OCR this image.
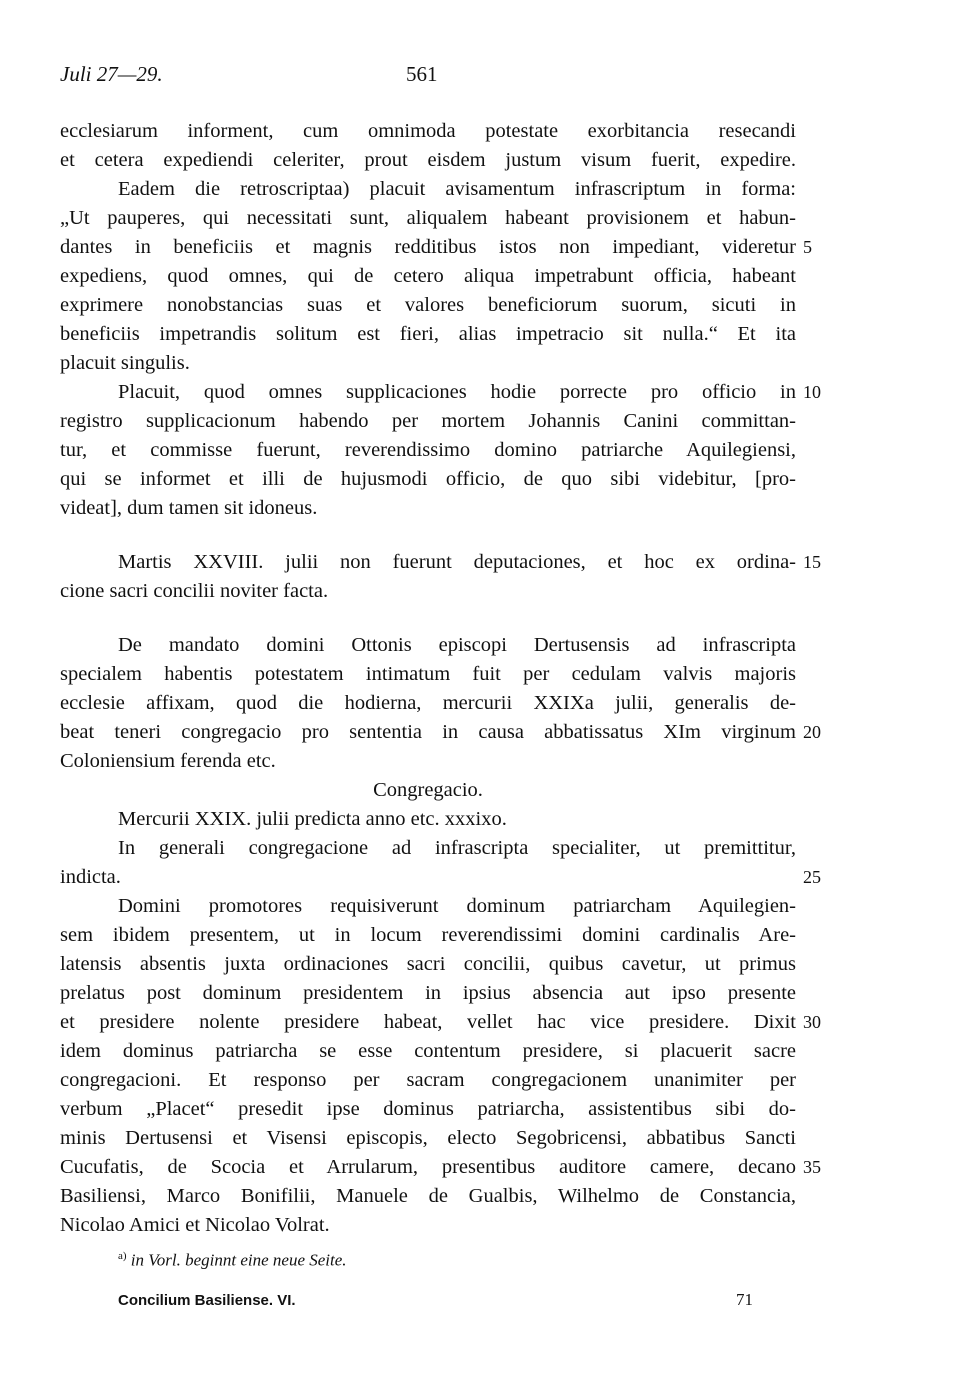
Juli 27—29.	561
ecclesiarum informent, cum omnimoda potestate exorbitancia resecandi
et cetera expediendi celeriter, prout eisdem justum visum fuerit, expedire.
Eadem die retroscriptaa) placuit avisamentum infrascriptum in forma:
„Ut pauperes, qui necessitati sunt, aliqualem habeant provisionem et habun-
dantes in beneficiis et magnis redditibus istos non impediant, videretur
expediens, quod omnes, qui de cetero aliqua impetrabunt officia, habeant
exprimere nonobstancias suas et valores beneficiorum suorum, sicuti in
beneficiis impetrandis solitum est fieri, alias impetracio sit nulla.“ Et ita
placuit singulis.
Placuit, quod omnes supplicaciones hodie porrecte pro officio in
registro supplicacionum habendo per mortem Johannis Canini committan-
tur, et commisse fuerunt, reverendissimo domino patriarche Aquilegiensi,
qui se informet et illi de hujusmodi officio, de quo sibi videbitur, [pro-
videat], dum tamen sit idoneus.
Martis XXVIII. julii non fuerunt deputaciones, et hoc ex ordina-
cione sacri concilii noviter facta.
De mandato domini Ottonis episcopi Dertusensis ad infrascripta
specialem habentis potestatem intimatum fuit per cedulam valvis majoris
ecclesie affixam, quod die hodierna, mercurii XXIXa julii, generalis de-
beat teneri congregacio pro sententia in causa abbatissatus XIm virginum
Coloniensium ferenda etc.
Congregacio.
Mercurii XXIX. julii predicta anno etc. xxxixo.
In generali congregacione ad infrascripta specialiter, ut premittitur,
indicta.
Domini promotores requisiverunt dominum patriarcham Aquilegien-
sem ibidem presentem, ut in locum reverendissimi domini cardinalis Are-
latensis absentis juxta ordinaciones sacri concilii, quibus cavetur, ut primus
prelatus post dominum presidentem in ipsius absencia aut ipso presente
et presidere nolente presidere habeat, vellet hac vice presidere. Dixit
idem dominus patriarcha se esse contentum presidere, si placuerit sacre
congregacioni. Et responso per sacram congregacionem unanimiter per
verbum „Placet“ presedit ipse dominus patriarcha, assistentibus sibi do-
minis Dertusensi et Visensi episcopis, electo Segobricensi, abbatibus Sancti
Cucufatis, de Scocia et Arrularum, presentibus auditore camere, decano
Basiliensi, Marco Bonifilii, Manuele de Gualbis, Wilhelmo de Constancia,
Nicolao Amici et Nicolao Volrat.
5
10
15
20
25
30
35
$^{a)}$ in Vorl. beginnt eine neue Seite.
Concilium Basiliense. VI.	71
